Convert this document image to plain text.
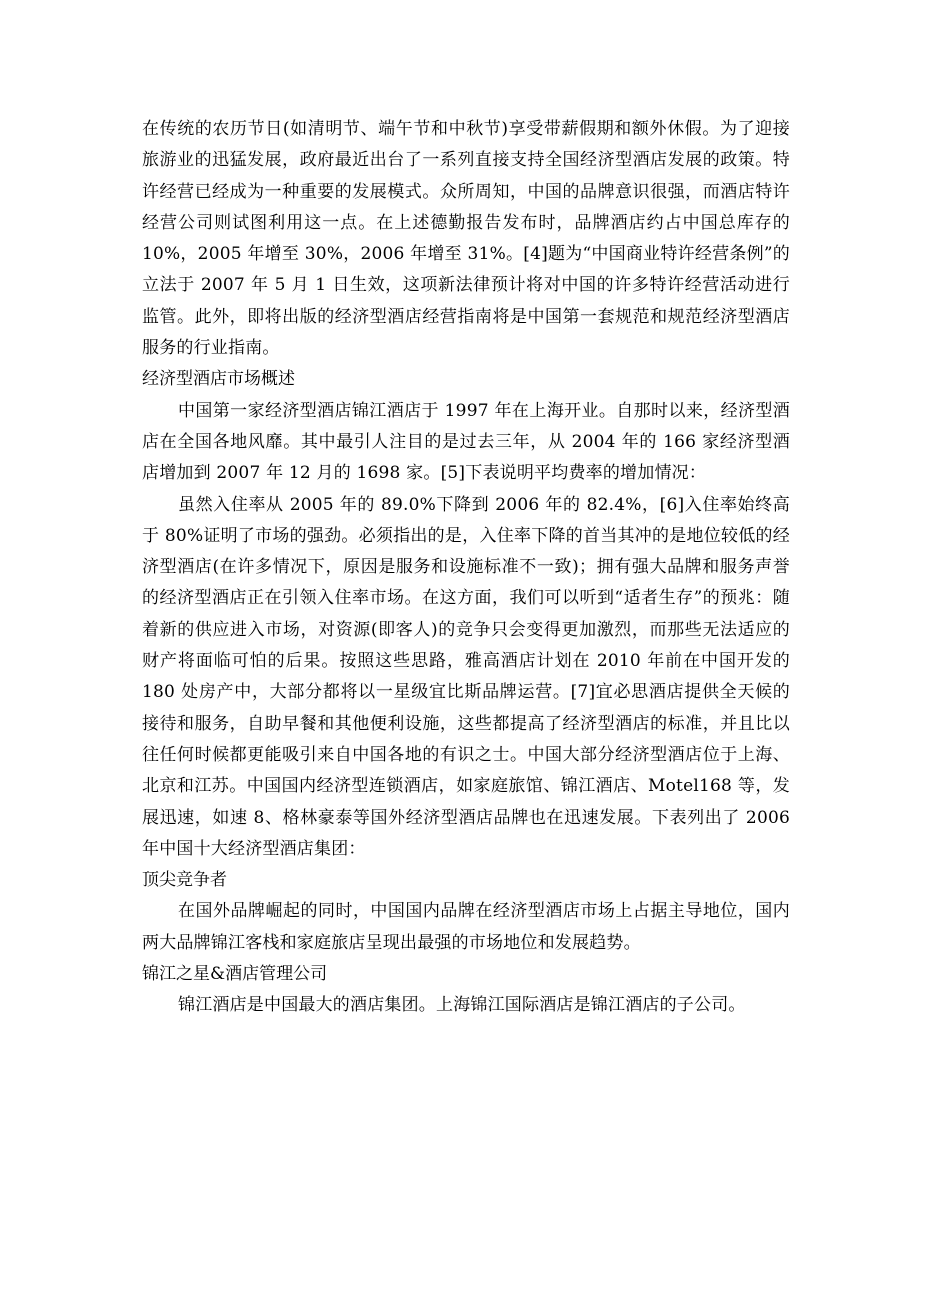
在传统的农历节日(如清明节、端午节和中秋节)享受带薪假期和额外休假。为了迎接旅游业的迅猛发展，政府最近出台了一系列直接支持全国经济型酒店发展的政策。特许经营已经成为一种重要的发展模式。众所周知，中国的品牌意识很强，而酒店特许经营公司则试图利用这一点。在上述德勤报告发布时，品牌酒店约占中国总库存的 10%，2005 年增至 30%，2006 年增至 31%。[4]题为“中国商业特许经营条例”的立法于 2007 年 5 月 1 日生效，这项新法律预计将对中国的许多特许经营活动进行监管。此外，即将出版的经济型酒店经营指南将是中国第一套规范和规范经济型酒店服务的行业指南。

经济型酒店市场概述

中国第一家经济型酒店锦江酒店于 1997 年在上海开业。自那时以来，经济型酒店在全国各地风靡。其中最引人注目的是过去三年，从 2004 年的 166 家经济型酒店增加到 2007 年 12 月的 1698 家。[5]下表说明平均费率的增加情况：

虽然入住率从 2005 年的 89.0%下降到 2006 年的 82.4%，[6]入住率始终高于 80%证明了市场的强劲。必须指出的是，入住率下降的首当其冲的是地位较低的经济型酒店(在许多情况下，原因是服务和设施标准不一致)；拥有强大品牌和服务声誉的经济型酒店正在引领入住率市场。在这方面，我们可以听到“适者生存”的预兆：随着新的供应进入市场，对资源(即客人)的竞争只会变得更加激烈，而那些无法适应的财产将面临可怕的后果。按照这些思路，雅高酒店计划在 2010 年前在中国开发的 180 处房产中，大部分都将以一星级宜比斯品牌运营。[7]宜必思酒店提供全天候的接待和服务，自助早餐和其他便利设施，这些都提高了经济型酒店的标准，并且比以往任何时候都更能吸引来自中国各地的有识之士。中国大部分经济型酒店位于上海、北京和江苏。中国国内经济型连锁酒店，如家庭旅馆、锦江酒店、Motel168 等，发展迅速，如速 8、格林豪泰等国外经济型酒店品牌也在迅速发展。下表列出了 2006 年中国十大经济型酒店集团：

顶尖竞争者

在国外品牌崛起的同时，中国国内品牌在经济型酒店市场上占据主导地位，国内两大品牌锦江客栈和家庭旅店呈现出最强的市场地位和发展趋势。

锦江之星&酒店管理公司

锦江酒店是中国最大的酒店集团。上海锦江国际酒店是锦江酒店的子公司。
